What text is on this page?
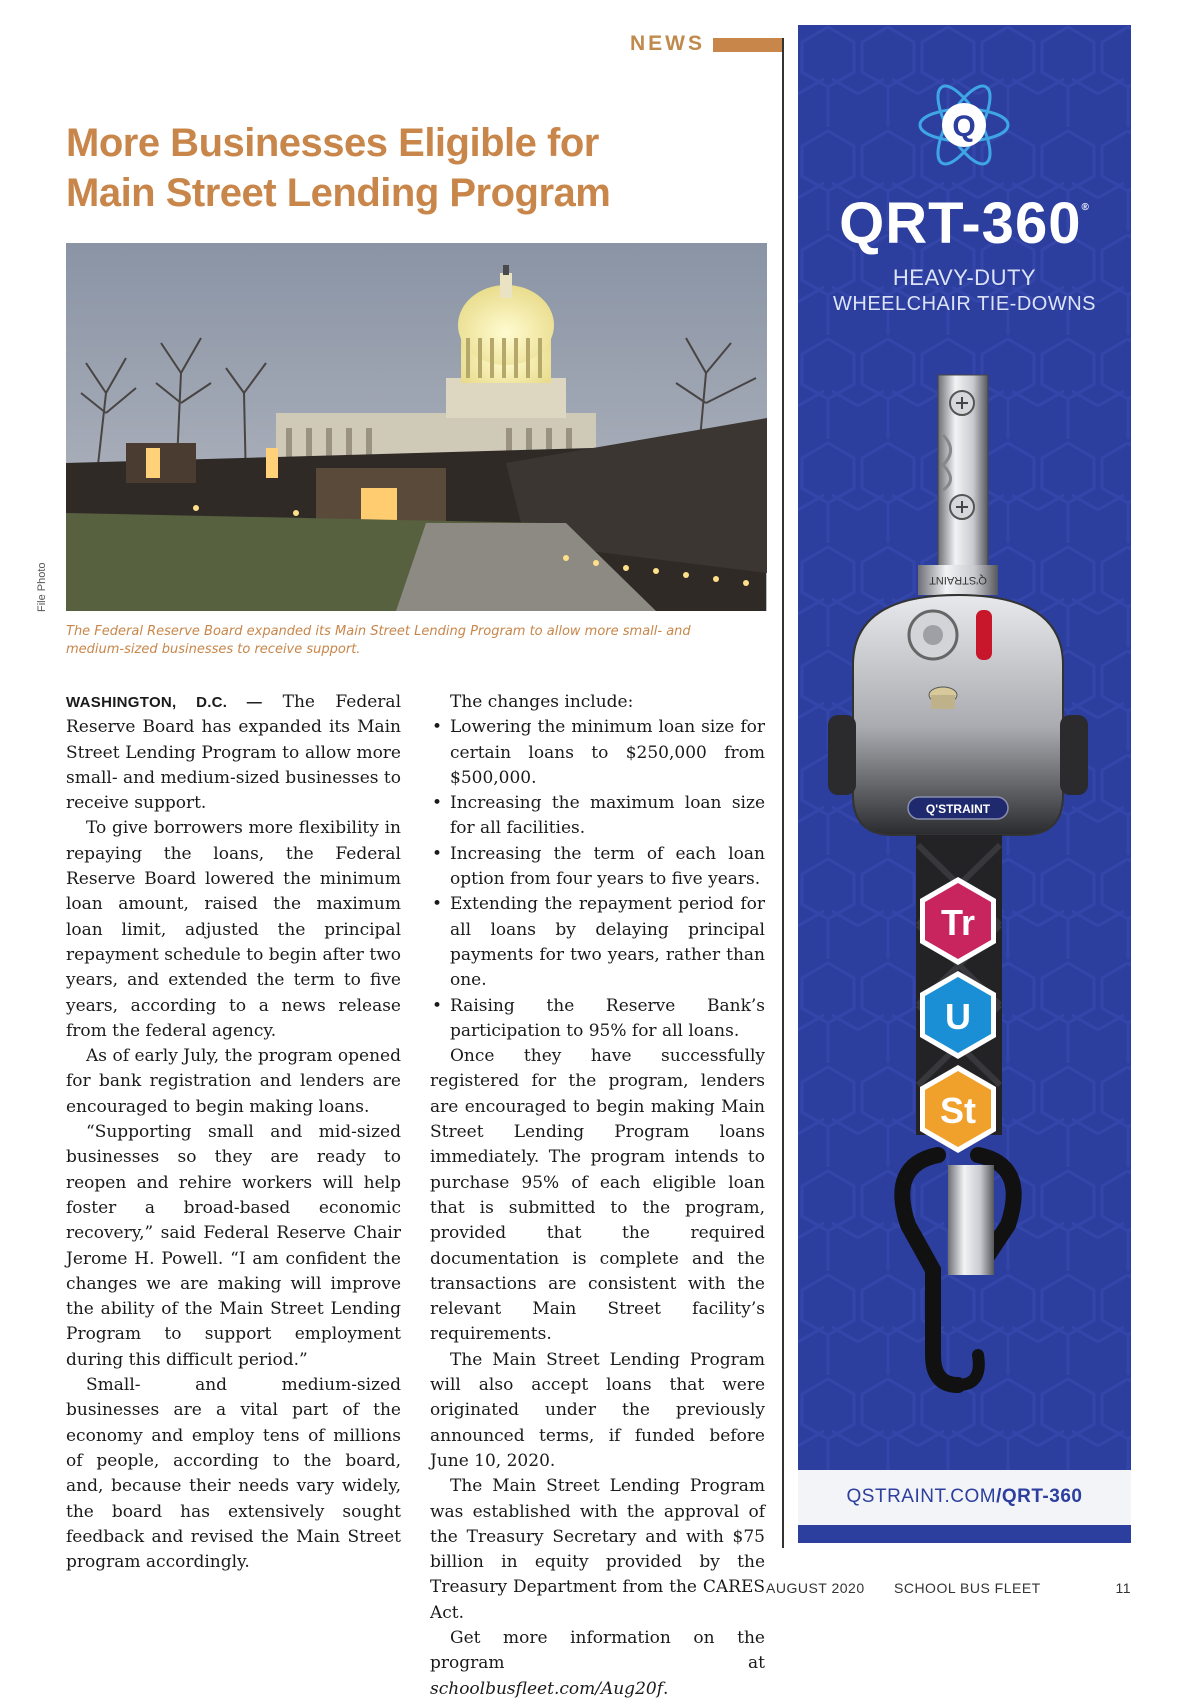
NEWS
More Businesses Eligible for
Main Street Lending Program
File Photo
The Federal Reserve Board expanded its Main Street Lending Program to allow more small- and medium-sized businesses to receive support.

WASHINGTON, D.C. — The Federal Reserve Board has expanded its Main Street Lending Program to allow more small- and medium-sized businesses to receive support.

To give borrowers more flexibility in repaying the loans, the Federal Reserve Board lowered the minimum loan amount, raised the maximum loan limit, adjusted the principal repayment schedule to begin after two years, and extended the term to five years, according to a news release from the federal agency.

As of early July, the program opened for bank registration and lenders are encouraged to begin making loans.

“Supporting small and mid-sized businesses so they are ready to reopen and rehire workers will help foster a broad-based economic recovery,” said Federal Reserve Chair Jerome H. Powell. “I am confident the changes we are making will improve the ability of the Main Street Lending Program to support employment during this difficult period.”

Small- and medium-sized businesses are a vital part of the economy and employ tens of millions of people, according to the board, and, because their needs vary widely, the board has extensively sought feedback and revised the Main Street program accordingly.

The changes include:

• Lowering the minimum loan size for certain loans to $250,000 from $500,000.
• Increasing the maximum loan size for all facilities.
• Increasing the term of each loan option from four years to five years.
• Extending the repayment period for all loans by delaying principal payments for two years, rather than one.
• Raising the Reserve Bank’s participation to 95% for all loans.

Once they have successfully registered for the program, lenders are encouraged to begin making Main Street Lending Program loans immediately. The program intends to purchase 95% of each eligible loan that is submitted to the program, provided that the required documentation is complete and the transactions are consistent with the relevant Main Street facility’s requirements.

The Main Street Lending Program will also accept loans that were originated under the previously announced terms, if funded before June 10, 2020.

The Main Street Lending Program was established with the approval of the Treasury Secretary and with $75 billion in equity provided by the Treasury Department from the CARES Act.

Get more information on the program at schoolbusfleet.com/Aug20f.

AUGUST 2020 SCHOOL BUS FLEET	11
Q
QRT-360®
HEAVY-DUTY
WHEELCHAIR TIE-DOWNS
Q'STRAINT
Q'STRAINT
Tr
U
St
QSTRAINT.COM/QRT-360
